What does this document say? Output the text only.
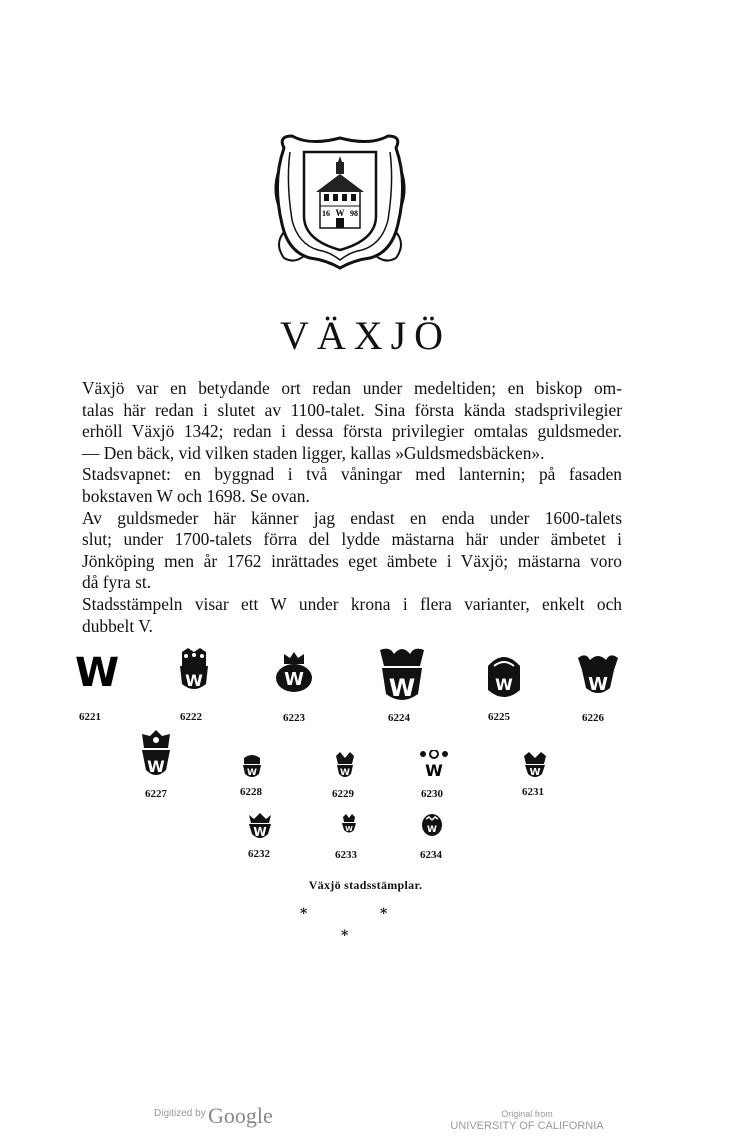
16 W 98
VÄXJÖ

Växjö var en betydande ort redan under medeltiden; en biskop om-
talas här redan i slutet av 1100-talet. Sina första kända stadsprivilegier
erhöll Växjö 1342; redan i dessa första privilegier omtalas guldsmeder.
— Den bäck, vid vilken staden ligger, kallas »Guldsmedsbäcken».

Stadsvapnet: en byggnad i två våningar med lanternin; på fasaden
bokstaven W och 1698. Se ovan.

Av guldsmeder här känner jag endast en enda under 1600-talets
slut; under 1700-talets förra del lydde mästarna här under ämbetet i
Jönköping men år 1762 inrättades eget ämbete i Växjö; mästarna voro
då fyra st.

Stadsstämpeln visar ett W under krona i flera varianter, enkelt och
dubbelt V.

W
6221
W
6222
W
6223
W
6224
W
6225
W
6226
W
6227
W
6228
W
6229
W
6230
W
6231
W
6232
W
6233
W
6234
Växjö stadsstämplar.
*	*
*
Digitized by Google	Original from
UNIVERSITY OF CALIFORNIA
